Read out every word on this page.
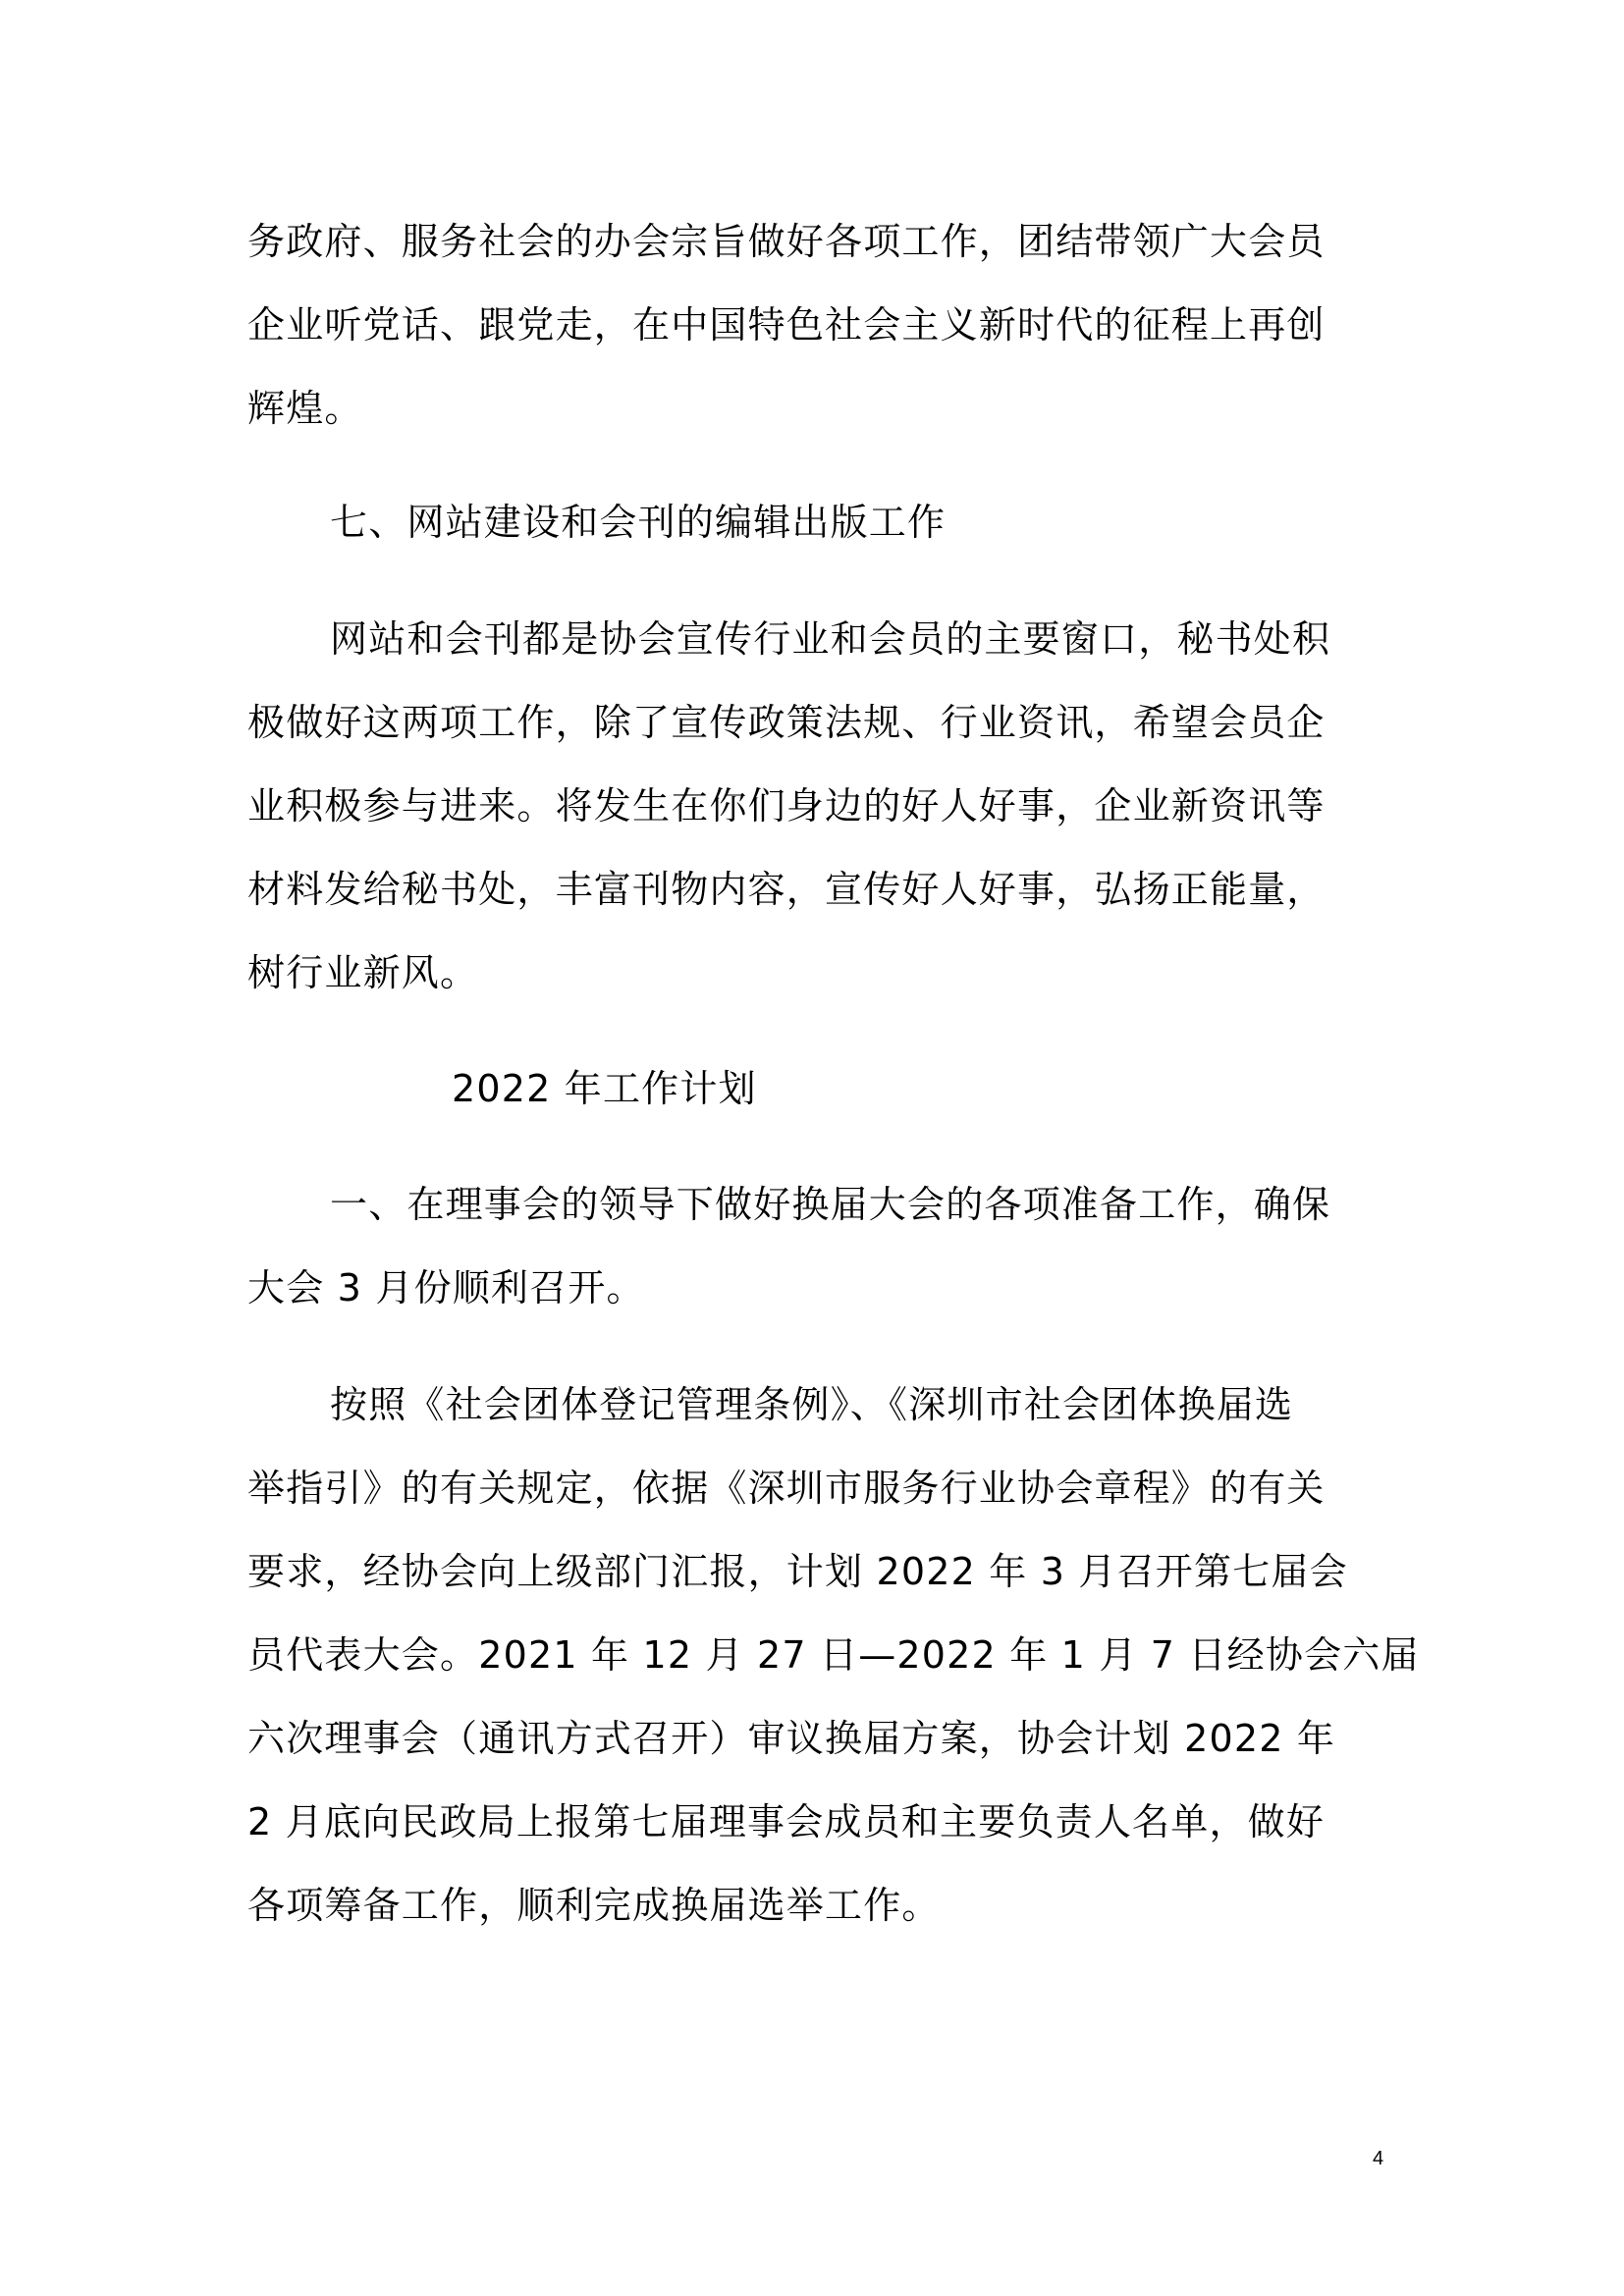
务政府、服务社会的办会宗旨做好各项工作，团结带领广大会员
企业听党话、跟党走，在中国特色社会主义新时代的征程上再创
辉煌。
七、网站建设和会刊的编辑出版工作
网站和会刊都是协会宣传行业和会员的主要窗口，秘书处积
极做好这两项工作，除了宣传政策法规、行业资讯，希望会员企
业积极参与进来。将发生在你们身边的好人好事，企业新资讯等
材料发给秘书处，丰富刊物内容，宣传好人好事，弘扬正能量，
树行业新风。
2022 年工作计划
一、在理事会的领导下做好换届大会的各项准备工作，确保
大会 3 月份顺利召开。
按照《社会团体登记管理条例》、《深圳市社会团体换届选
举指引》的有关规定，依据《深圳市服务行业协会章程》的有关
要求，经协会向上级部门汇报，计划 2022 年 3 月召开第七届会
员代表大会。2021 年 12 月 27 日—2022 年 1 月 7 日经协会六届
六次理事会（通讯方式召开）审议换届方案，协会计划 2022 年
2 月底向民政局上报第七届理事会成员和主要负责人名单，做好
各项筹备工作，顺利完成换届选举工作。
4
